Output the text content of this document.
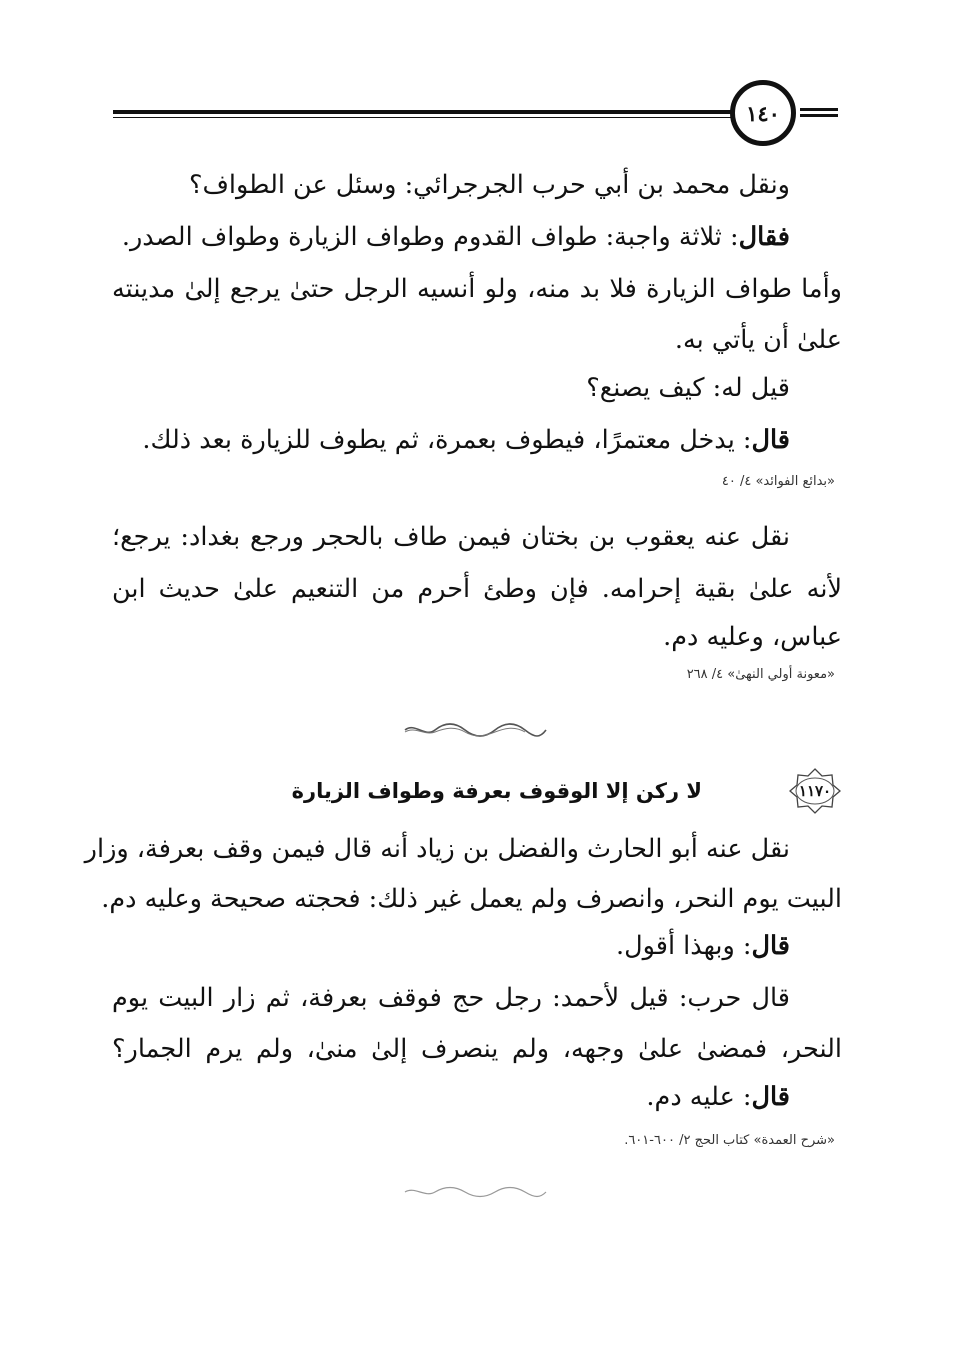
١٤٠
ونقل محمد بن أبي حرب الجرجرائي: وسئل عن الطواف؟
فقال: ثلاثة واجبة: طواف القدوم وطواف الزيارة وطواف الصدر.
وأما طواف الزيارة فلا بد منه، ولو أنسيه الرجل حتىٰ يرجع إلىٰ مدينته
علىٰ أن يأتي به.
قيل له: كيف يصنع؟
قال: يدخل معتمرًا، فيطوف بعمرة، ثم يطوف للزيارة بعد ذلك.
«بدائع الفوائد» ٤/ ٤٠
نقل عنه يعقوب بن بختان فيمن طاف بالحجر ورجع بغداد: يرجع؛
لأنه علىٰ بقية إحرامه. فإن وطئ أحرم من التنعيم علىٰ حديث ابن
عباس، وعليه دم.
«معونة أولي النهىٰ» ٤/ ٢٦٨
١١٧٠
لا ركن إلا الوقوف بعرفة وطواف الزيارة
نقل عنه أبو الحارث والفضل بن زياد أنه قال فيمن وقف بعرفة، وزار
البيت يوم النحر، وانصرف ولم يعمل غير ذلك: فحجته صحيحة وعليه دم.
قال: وبهذا أقول.
قال حرب: قيل لأحمد: رجل حج فوقف بعرفة، ثم زار البيت يوم
النحر، فمضىٰ علىٰ وجهه، ولم ينصرف إلىٰ منىٰ، ولم يرم الجمار؟
قال: عليه دم.
«شرح العمدة» كتاب الحج ٢/ ٦٠٠-٦٠١.
